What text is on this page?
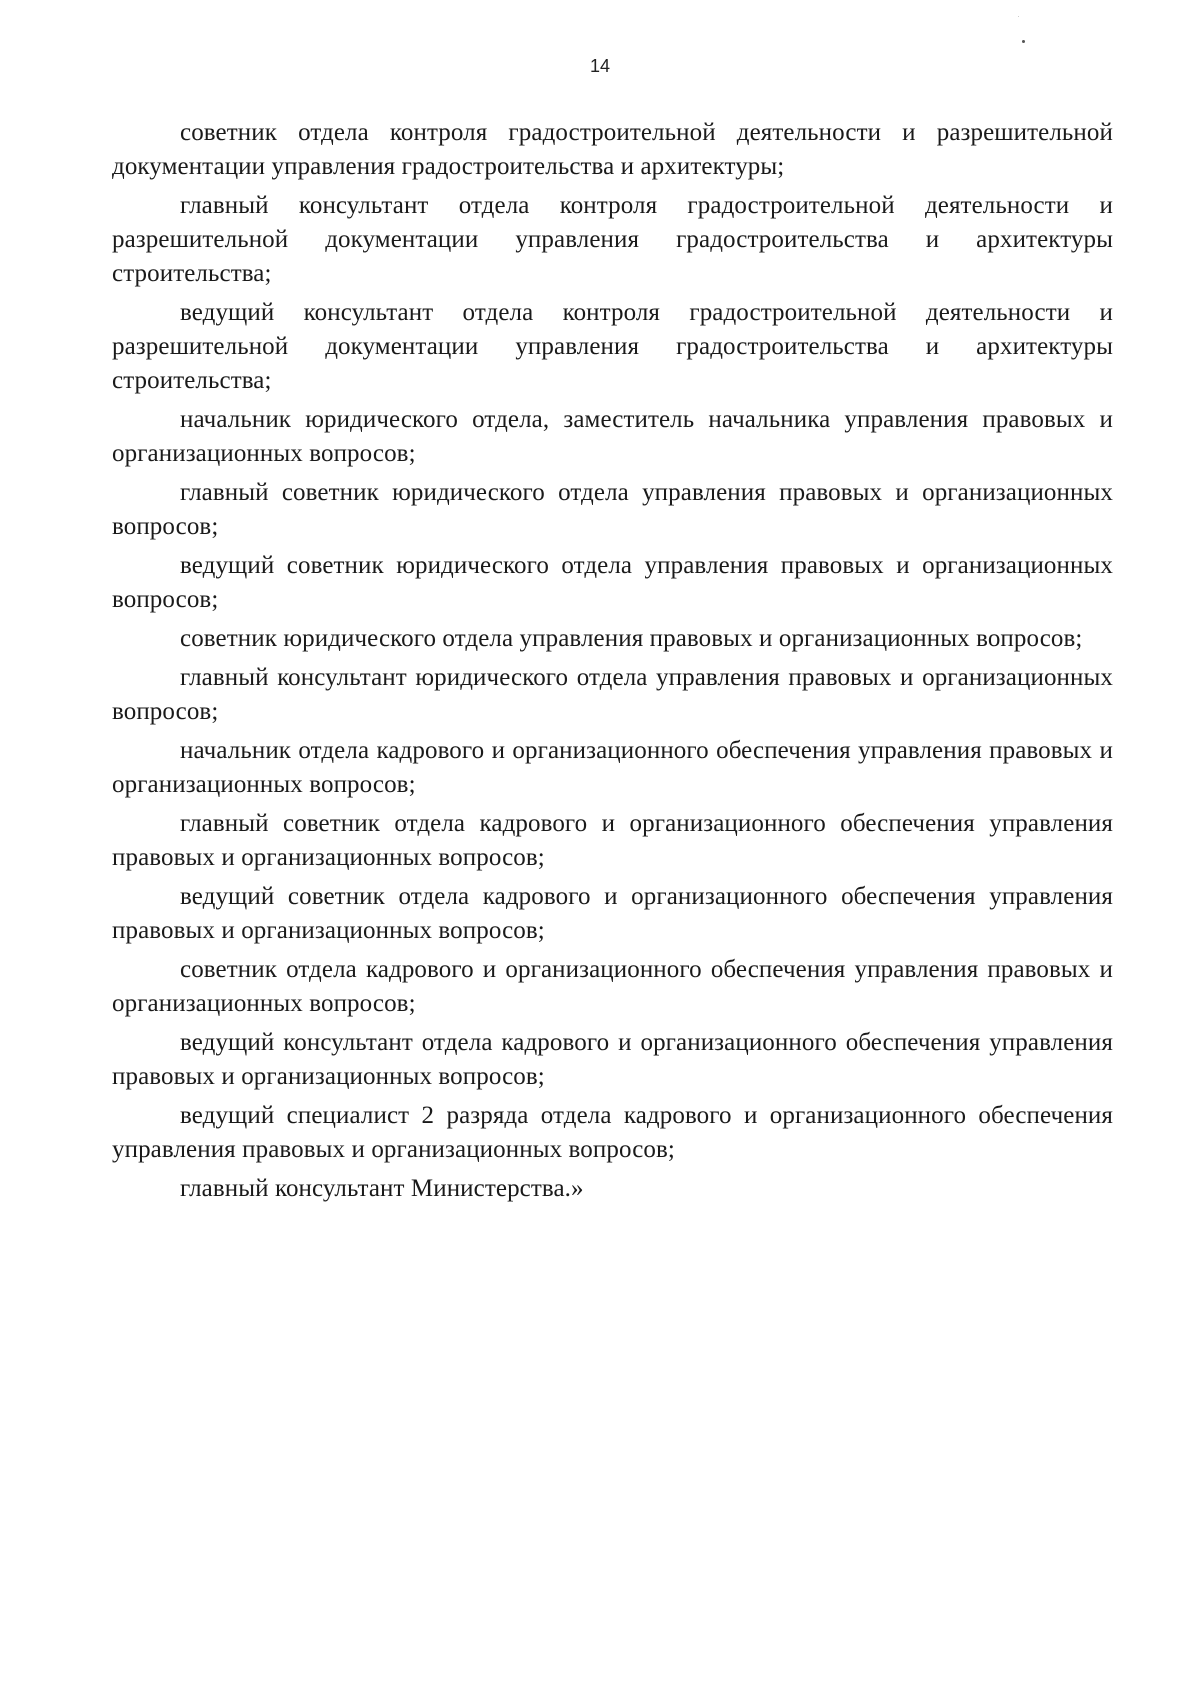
14

советник отдела контроля градостроительной деятельности и разрешительной документации управления градостроительства и архитектуры;

главный консультант отдела контроля градостроительной деятельности и разрешительной документации управления градостроительства и архитектуры строительства;

ведущий консультант отдела контроля градостроительной деятельности и разрешительной документации управления градостроительства и архитектуры строительства;

начальник юридического отдела, заместитель начальника управления правовых и организационных вопросов;

главный советник юридического отдела управления правовых и организационных вопросов;

ведущий советник юридического отдела управления правовых и организационных вопросов;

советник юридического отдела управления правовых и организационных вопросов;

главный консультант юридического отдела управления правовых и организационных вопросов;

начальник отдела кадрового и организационного обеспечения управления правовых и организационных вопросов;

главный советник отдела кадрового и организационного обеспечения управления правовых и организационных вопросов;

ведущий советник отдела кадрового и организационного обеспечения управления правовых и организационных вопросов;

советник отдела кадрового и организационного обеспечения управления правовых и организационных вопросов;

ведущий консультант отдела кадрового и организационного обеспечения управления правовых и организационных вопросов;

ведущий специалист 2 разряда отдела кадрового и организационного обеспечения управления правовых и организационных вопросов;

главный консультант Министерства.»
